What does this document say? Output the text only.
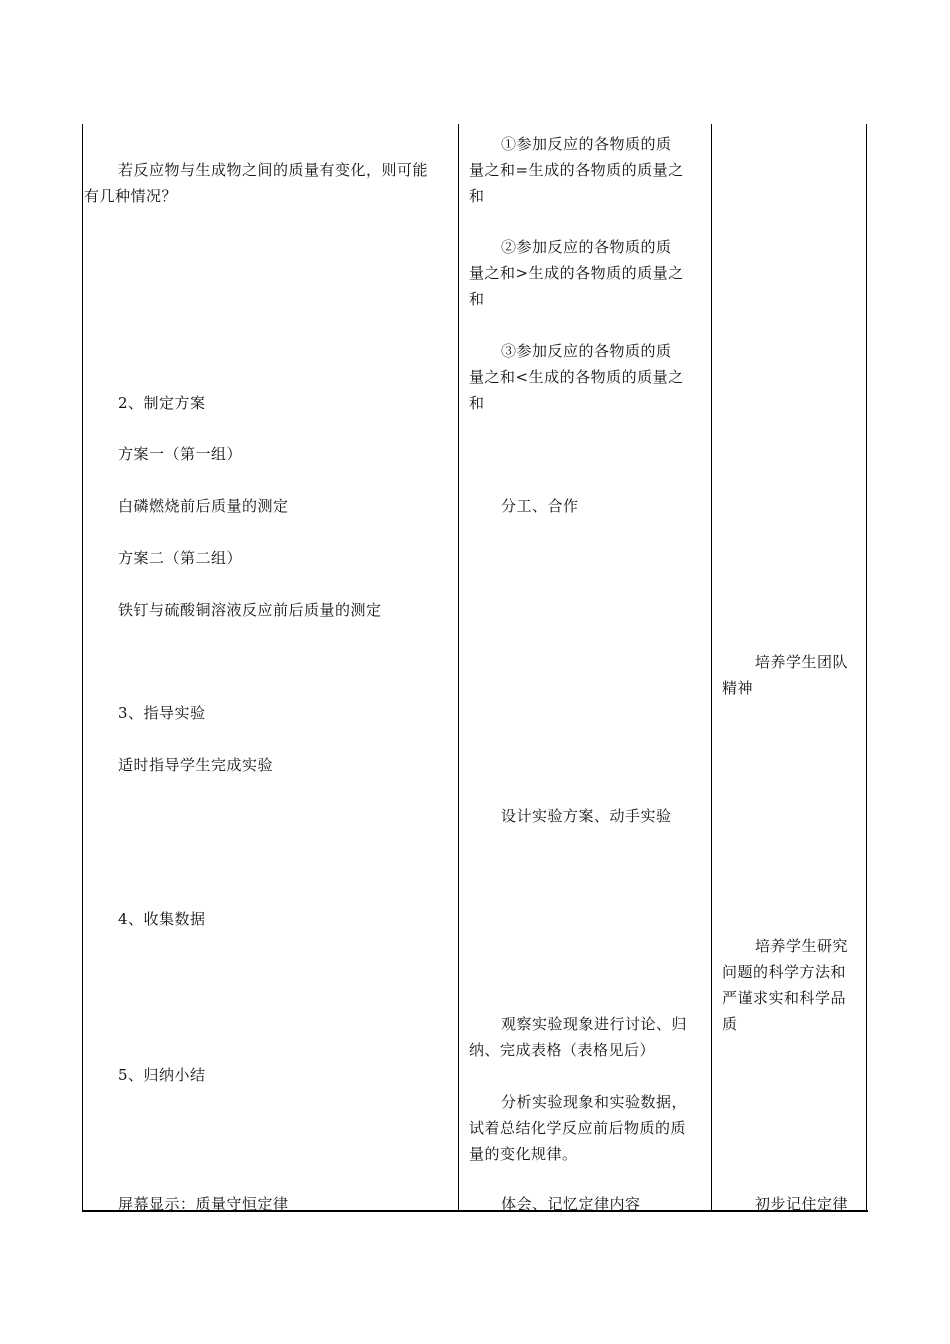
若反应物与生成物之间的质量有变化，则可能
有几种情况？
2、制定方案
方案一（第一组）
白磷燃烧前后质量的测定
方案二（第二组）
铁钉与硫酸铜溶液反应前后质量的测定
3、指导实验
适时指导学生完成实验
4、收集数据
5、归纳小结
屏幕显示：质量守恒定律
①参加反应的各物质的质
量之和=生成的各物质的质量之
和
②参加反应的各物质的质
量之和>生成的各物质的质量之
和
③参加反应的各物质的质
量之和<生成的各物质的质量之
和
分工、合作
设计实验方案、动手实验
观察实验现象进行讨论、归
纳、完成表格（表格见后）
分析实验现象和实验数据，
试着总结化学反应前后物质的质
量的变化规律。
体会、记忆定律内容
培养学生团队
精神
培养学生研究
问题的科学方法和
严谨求实和科学品
质
初步记住定律
